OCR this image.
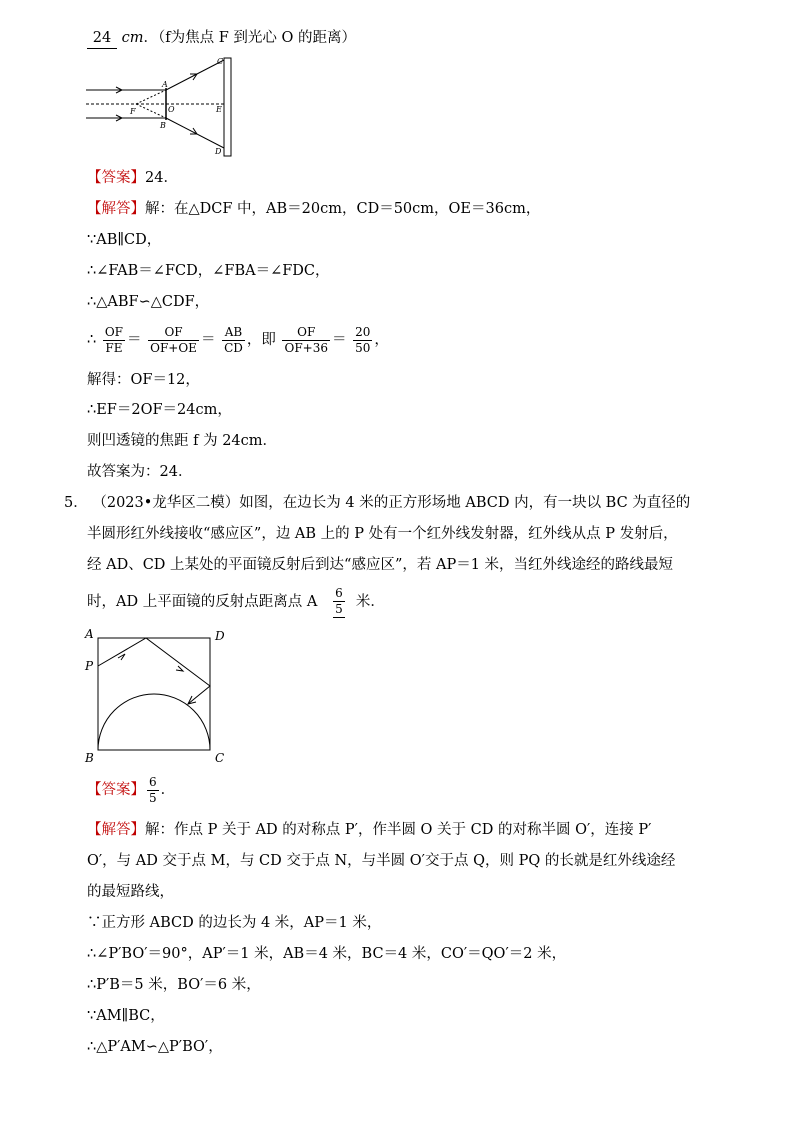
24 cm．（f为焦点 F 到光心 O 的距离）
C
A
O	E
F
B
D
【答案】24．
【解答】解：在△DCF 中，AB＝20cm，CD＝50cm，OE＝36cm，
∵AB∥CD，
∴∠FAB＝∠FCD，∠FBA＝∠FDC，
∴△ABF∽△CDF，
∴ $\frac{OF}{FE} = \frac{OF}{OF+OE} = \frac{AB}{CD}$ ，即 $\frac{OF}{OF+36} = \frac{20}{50}$ ，
解得：OF＝12，
∴EF＝2OF＝24cm，
则凹透镜的焦距 f 为 24cm．
故答案为：24．
5． （2023•龙华区二模）如图，在边长为 4 米的正方形场地 ABCD 内，有一块以 BC 为直径的
半圆形红外线接收“感应区”，边 AB 上的 P 处有一个红外线发射器，红外线从点 P 发射后，
经 AD、CD 上某处的平面镜反射后到达“感应区”，若 AP＝1 米，当红外线途经的路线最短
时，AD 上平面镜的反射点距离点 A $\frac{6}{5}$ 米．
A	D
P
B	C
【答案】 $\frac{6}{5}$ ．
【解答】解：作点 P 关于 AD 的对称点 P′，作半圆 O 关于 CD 的对称半圆 O′，连接 P′
O′，与 AD 交于点 M，与 CD 交于点 N，与半圆 O′交于点 Q，则 PQ 的长就是红外线途经
的最短路线，
∵正方形 ABCD 的边长为 4 米，AP＝1 米，
∴∠P′BO′＝90°，AP′＝1 米，AB＝4 米，BC＝4 米，CO′＝QO′＝2 米，
∴P′B＝5 米，BO′＝6 米，
∵AM∥BC，
∴△P′AM∽△P′BO′，
